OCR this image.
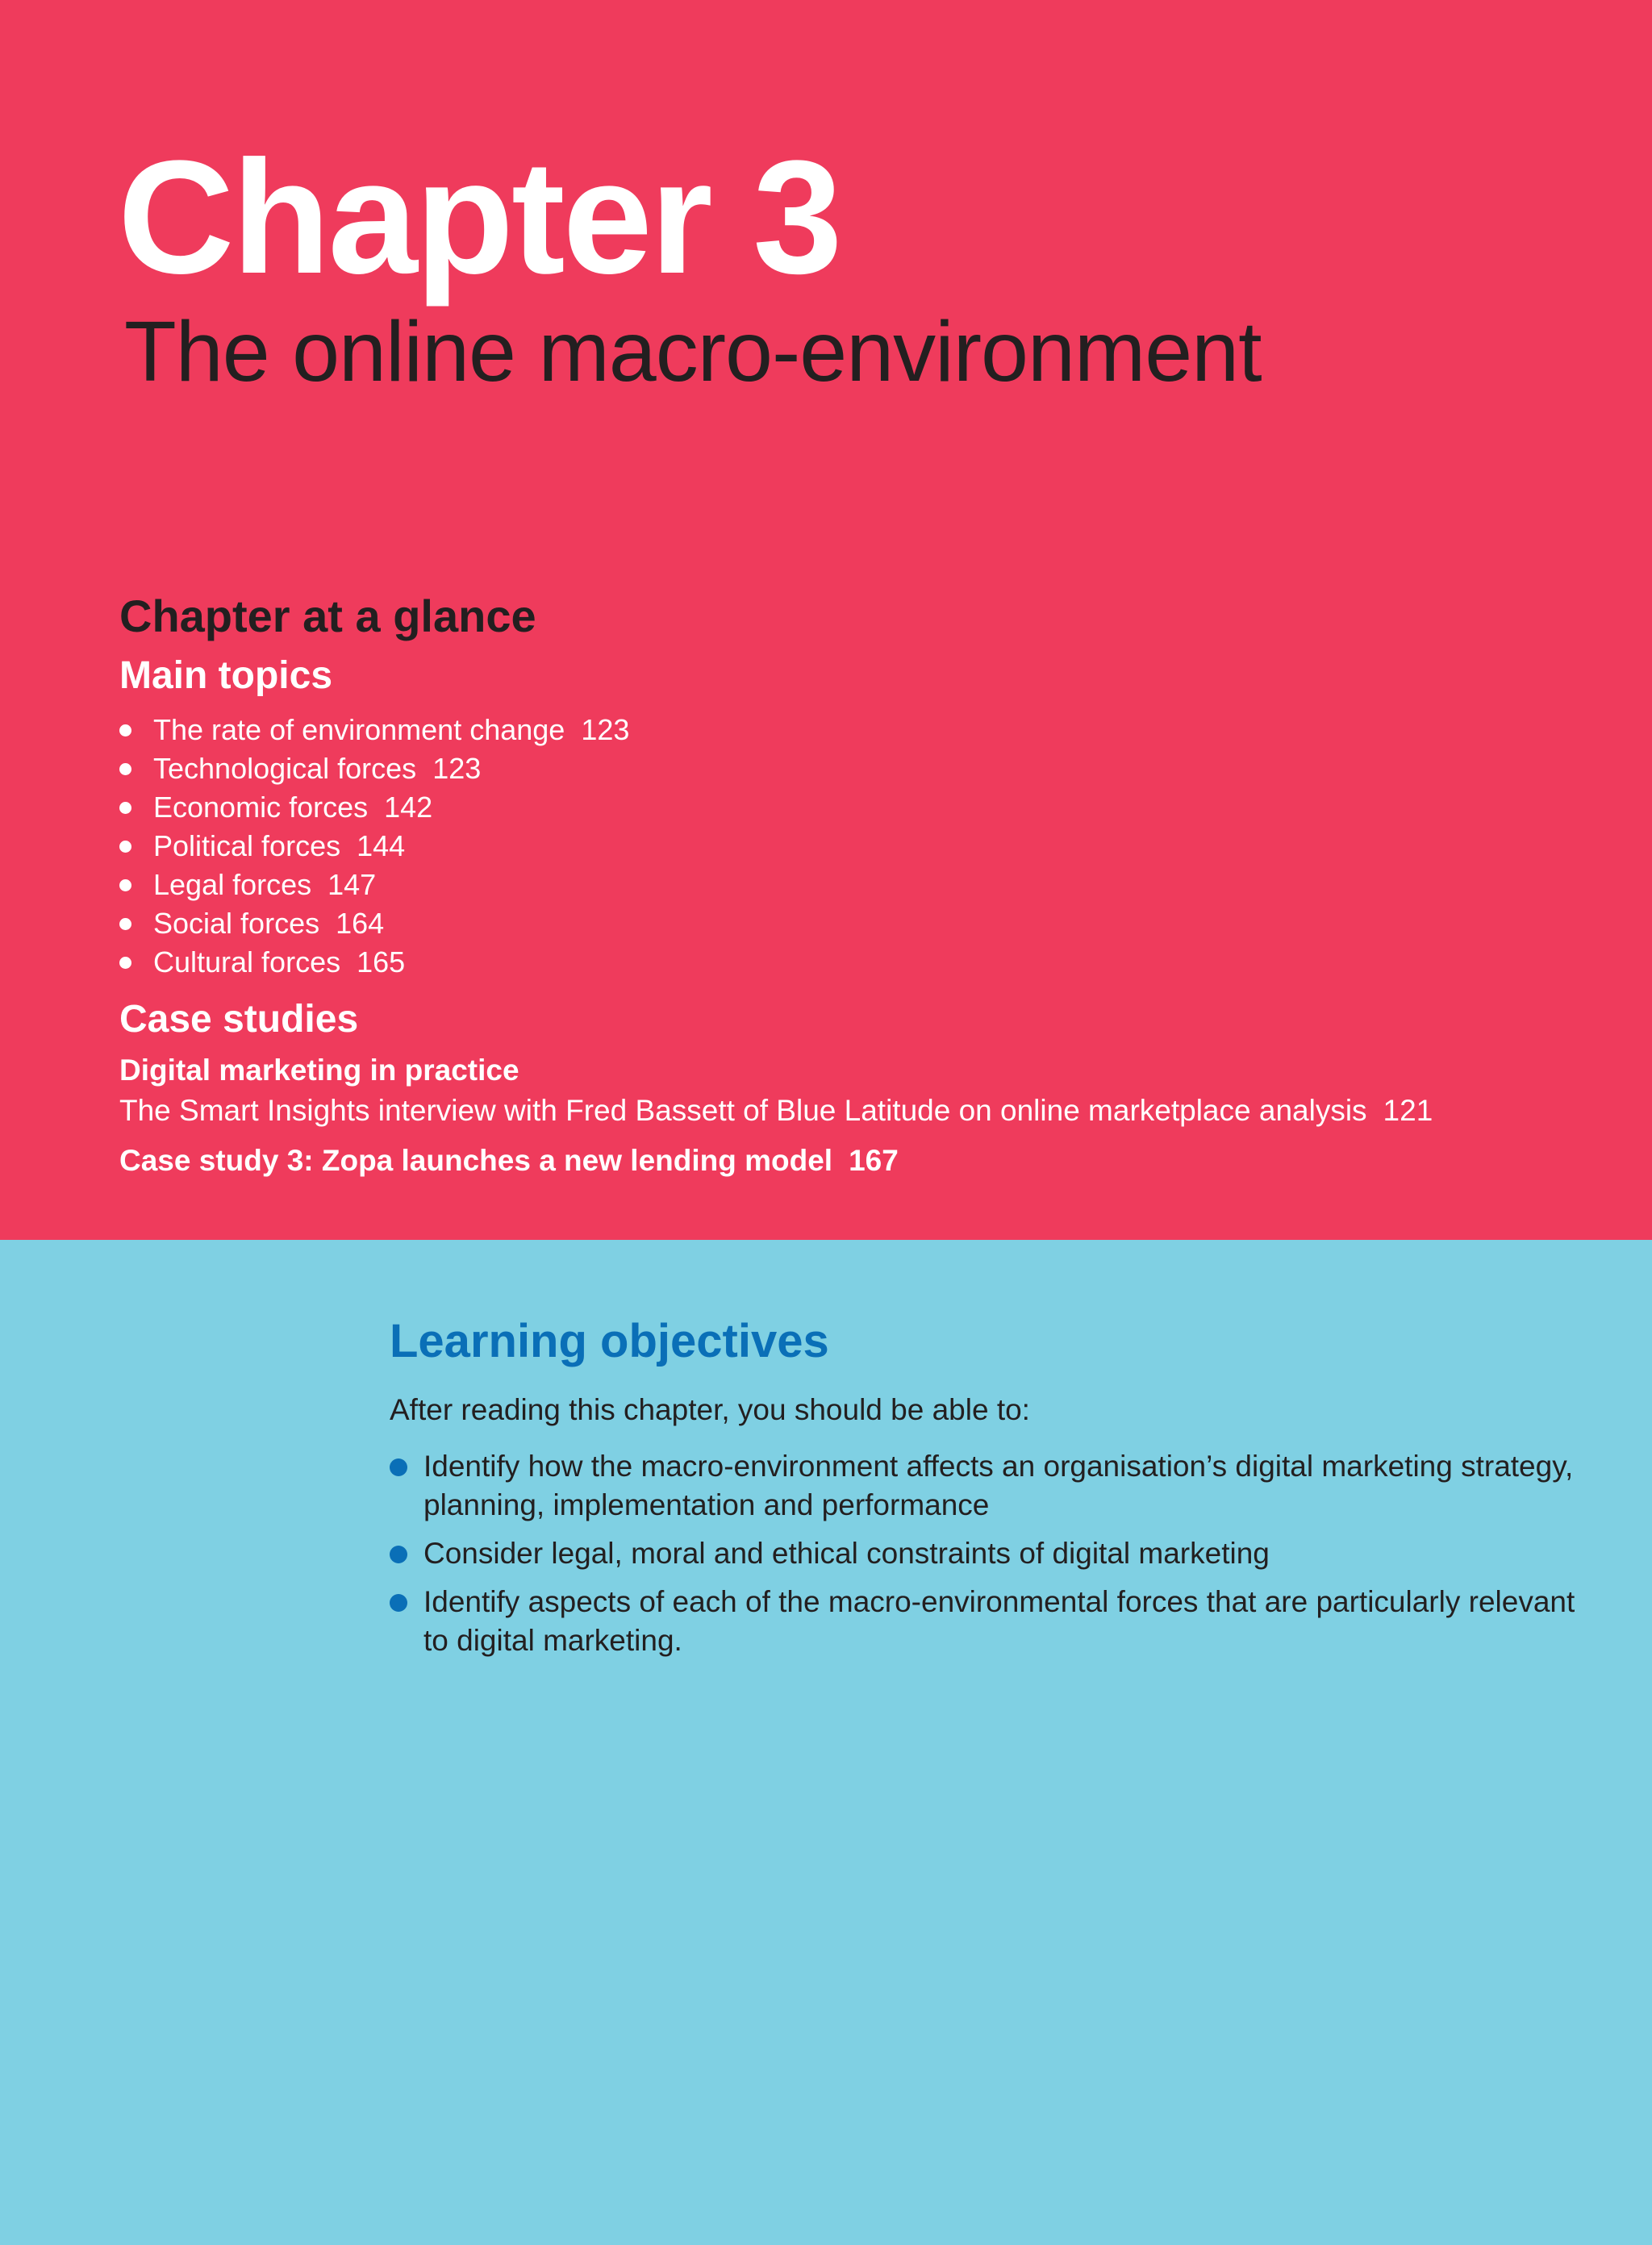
Chapter 3
The online macro-environment
Chapter at a glance
Main topics
The rate of environment change 123
Technological forces 123
Economic forces 142
Political forces 144
Legal forces 147
Social forces 164
Cultural forces 165
Case studies

Digital marketing in practice

The Smart Insights interview with Fred Bassett of Blue Latitude on online marketplace analysis 121

Case study 3: Zopa launches a new lending model 167

Learning objectives

After reading this chapter, you should be able to:

Identify how the macro-environment affects an organisation’s digital marketing strategy, planning, implementation and performance
Consider legal, moral and ethical constraints of digital marketing
Identify aspects of each of the macro-environmental forces that are particularly relevant to digital marketing.
